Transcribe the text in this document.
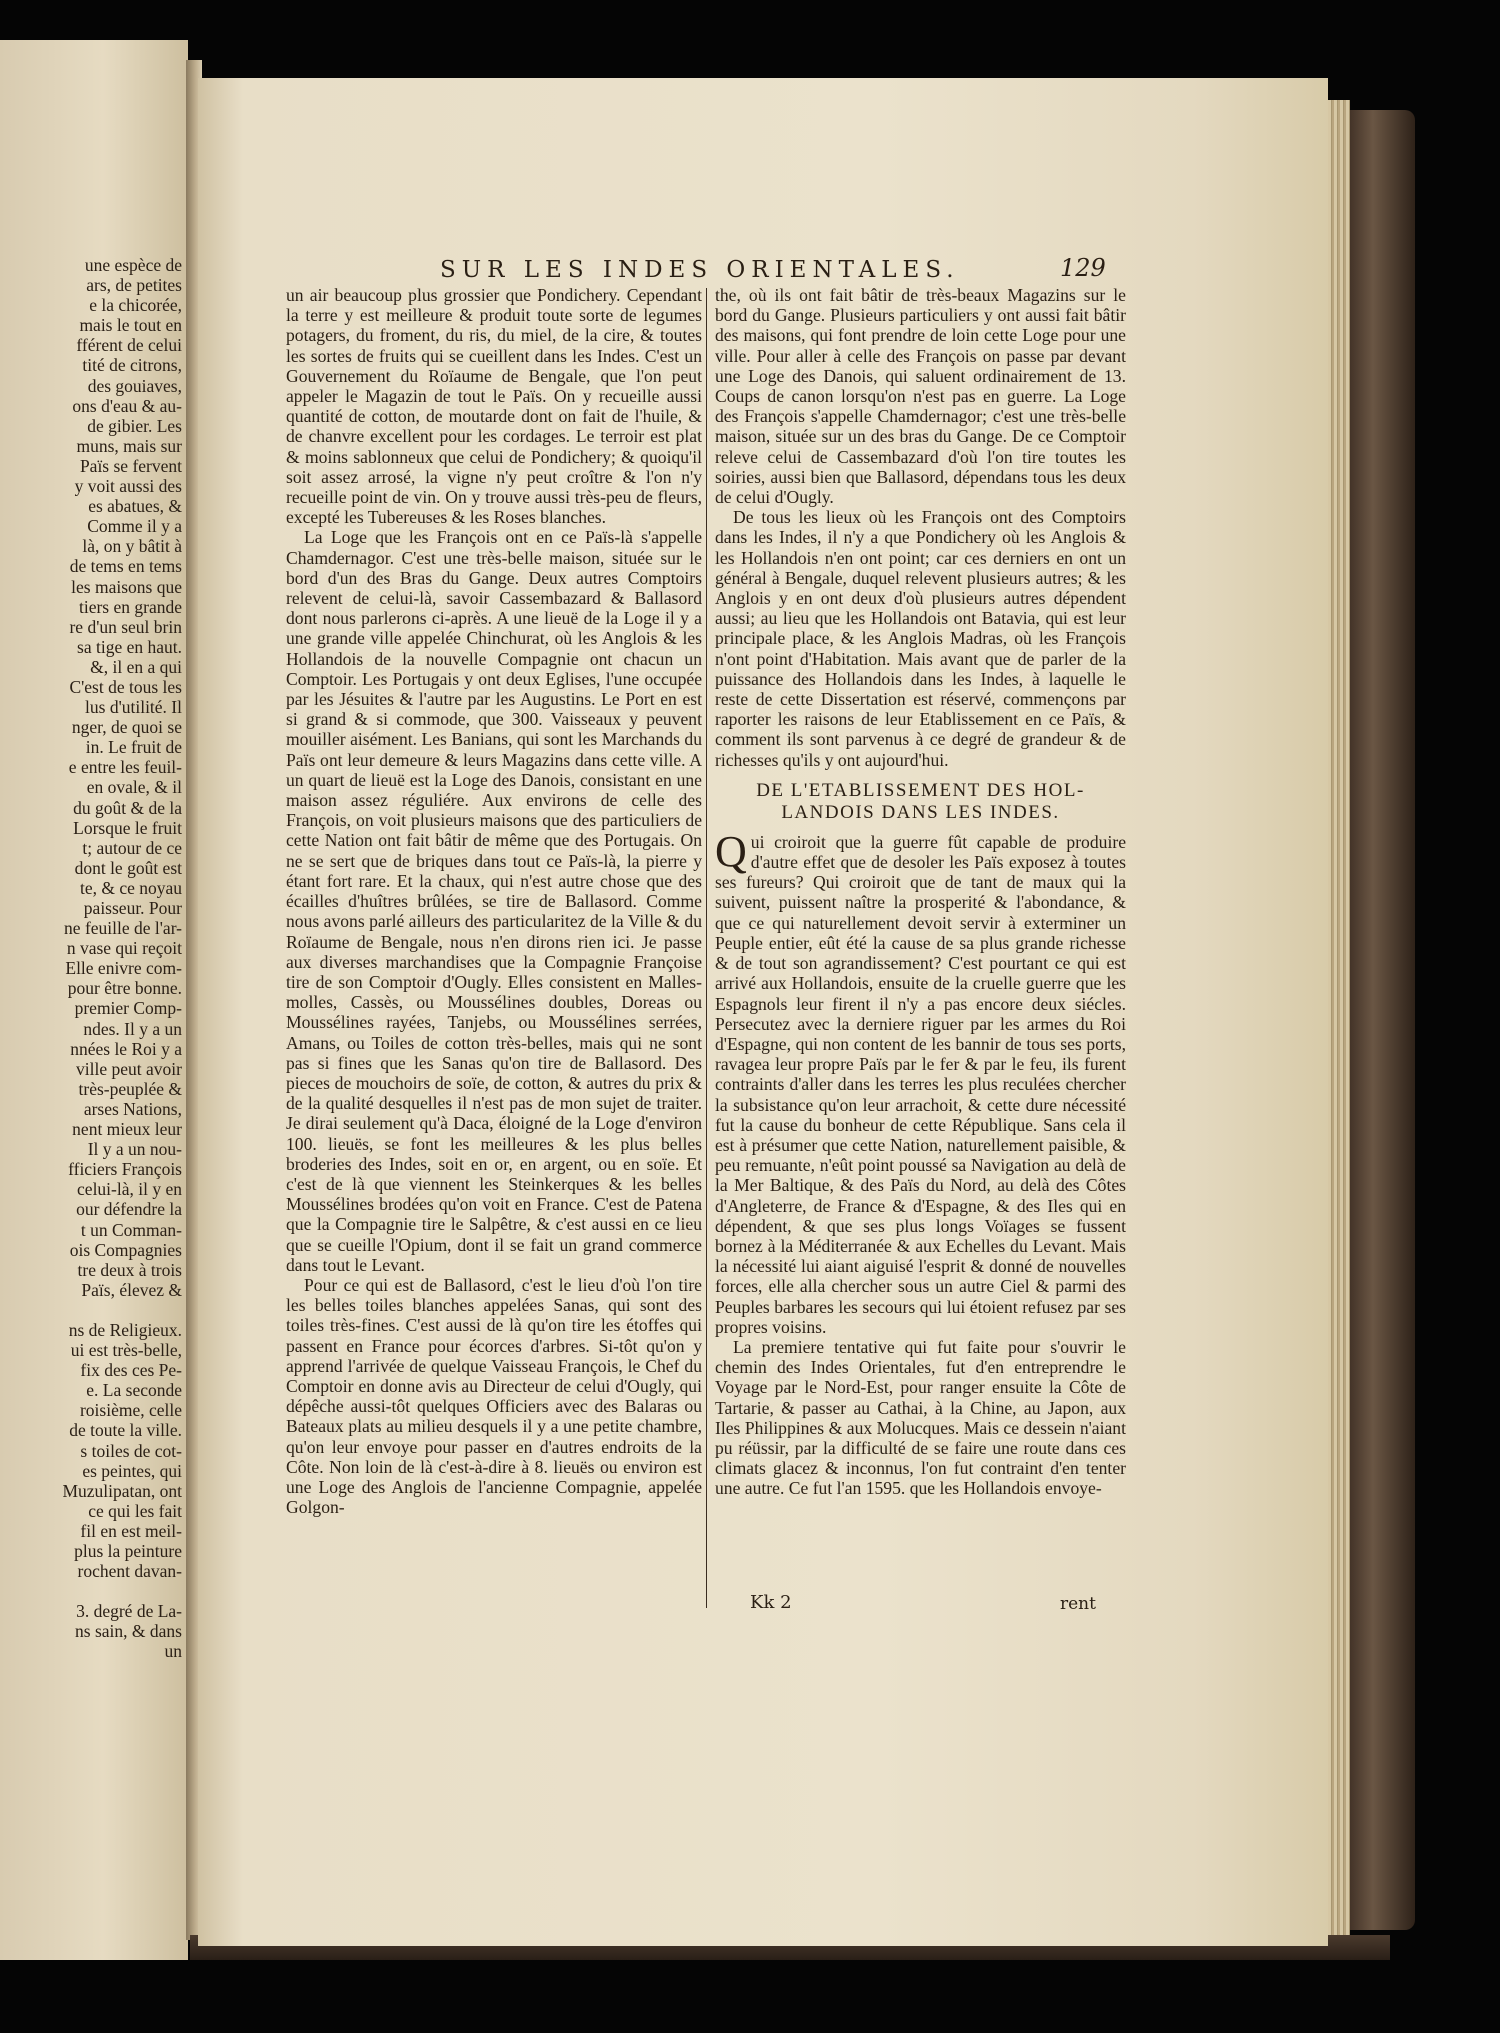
une espèce de
ars, de petites
e la chicorée,
mais le tout en
fférent de celui
tité de citrons,
des gouiaves,
ons d'eau & au-
de gibier. Les
muns, mais sur
Païs se fervent
y voit aussi des
es abatues, &
Comme il y a
là, on y bâtit à
de tems en tems
les maisons que
tiers en grande
re d'un seul brin
sa tige en haut.
&, il en a qui
C'est de tous les
lus d'utilité. Il
nger, de quoi se
in. Le fruit de
e entre les feuil-
en ovale, & il
du goût & de la
Lorsque le fruit
t; autour de ce
dont le goût est
te, & ce noyau
paisseur. Pour
ne feuille de l'ar-
n vase qui reçoit
Elle enivre com-
pour être bonne.
premier Comp-
ndes. Il y a un
nnées le Roi y a
ville peut avoir
très-peuplée &
arses Nations,
nent mieux leur
Il y a un nou-
fficiers François
celui-là, il y en
our défendre la
t un Comman-
ois Compagnies
tre deux à trois
Païs, élevez &

ns de Religieux.
ui est très-belle,
fix des ces Pe-
e. La seconde
roisième, celle
de toute la ville.
s toiles de cot-
es peintes, qui
Muzulipatan, ont
ce qui les fait
fil en est meil-
plus la peinture
rochent davan-

3. degré de La-
ns sain, & dans
un
SUR LES INDES ORIENTALES.	129

un air beaucoup plus grossier que Pondichery. Cependant la terre y est meilleure & produit toute sorte de legumes potagers, du froment, du ris, du miel, de la cire, & toutes les sortes de fruits qui se cueillent dans les Indes. C'est un Gouvernement du Roïaume de Bengale, que l'on peut appeler le Magazin de tout le Païs. On y recueille aussi quantité de cotton, de moutarde dont on fait de l'huile, & de chanvre excellent pour les cordages. Le terroir est plat & moins sablonneux que celui de Pondichery; & quoiqu'il soit assez arrosé, la vigne n'y peut croître & l'on n'y recueille point de vin. On y trouve aussi très-peu de fleurs, excepté les Tubereuses & les Roses blanches.

La Loge que les François ont en ce Païs-là s'appelle Chamdernagor. C'est une très-belle maison, située sur le bord d'un des Bras du Gange. Deux autres Comptoirs relevent de celui-là, savoir Cassembazard & Ballasord dont nous parlerons ci-après. A une lieuë de la Loge il y a une grande ville appelée Chinchurat, où les Anglois & les Hollandois de la nouvelle Compagnie ont chacun un Comptoir. Les Portugais y ont deux Eglises, l'une occupée par les Jésuites & l'autre par les Augustins. Le Port en est si grand & si commode, que 300. Vaisseaux y peuvent mouiller aisément. Les Banians, qui sont les Marchands du Païs ont leur demeure & leurs Magazins dans cette ville. A un quart de lieuë est la Loge des Danois, consistant en une maison assez réguliére. Aux environs de celle des François, on voit plusieurs maisons que des particuliers de cette Nation ont fait bâtir de même que des Portugais. On ne se sert que de briques dans tout ce Païs-là, la pierre y étant fort rare. Et la chaux, qui n'est autre chose que des écailles d'huîtres brûlées, se tire de Ballasord. Comme nous avons parlé ailleurs des particularitez de la Ville & du Roïaume de Bengale, nous n'en dirons rien ici. Je passe aux diverses marchandises que la Compagnie Françoise tire de son Comptoir d'Ougly. Elles consistent en Malles-molles, Cassès, ou Moussélines doubles, Doreas ou Moussélines rayées, Tanjebs, ou Moussélines serrées, Amans, ou Toiles de cotton très-belles, mais qui ne sont pas si fines que les Sanas qu'on tire de Ballasord. Des pieces de mouchoirs de soïe, de cotton, & autres du prix & de la qualité desquelles il n'est pas de mon sujet de traiter. Je dirai seulement qu'à Daca, éloigné de la Loge d'environ 100. lieuës, se font les meilleures & les plus belles broderies des Indes, soit en or, en argent, ou en soïe. Et c'est de là que viennent les Steinkerques & les belles Moussélines brodées qu'on voit en France. C'est de Patena que la Compagnie tire le Salpêtre, & c'est aussi en ce lieu que se cueille l'Opium, dont il se fait un grand commerce dans tout le Levant.

Pour ce qui est de Ballasord, c'est le lieu d'où l'on tire les belles toiles blanches appelées Sanas, qui sont des toiles très-fines. C'est aussi de là qu'on tire les étoffes qui passent en France pour écorces d'arbres. Si-tôt qu'on y apprend l'arrivée de quelque Vaisseau François, le Chef du Comptoir en donne avis au Directeur de celui d'Ougly, qui dépêche aussi-tôt quelques Officiers avec des Balaras ou Bateaux plats au milieu desquels il y a une petite chambre, qu'on leur envoye pour passer en d'autres endroits de la Côte. Non loin de là c'est-à-dire à 8. lieuës ou environ est une Loge des Anglois de l'ancienne Compagnie, appelée Golgon-

the, où ils ont fait bâtir de très-beaux Magazins sur le bord du Gange. Plusieurs particuliers y ont aussi fait bâtir des maisons, qui font prendre de loin cette Loge pour une ville. Pour aller à celle des François on passe par devant une Loge des Danois, qui saluent ordinairement de 13. Coups de canon lorsqu'on n'est pas en guerre. La Loge des François s'appelle Chamdernagor; c'est une très-belle maison, située sur un des bras du Gange. De ce Comptoir releve celui de Cassembazard d'où l'on tire toutes les soiries, aussi bien que Ballasord, dépendans tous les deux de celui d'Ougly.

De tous les lieux où les François ont des Comptoirs dans les Indes, il n'y a que Pondichery où les Anglois & les Hollandois n'en ont point; car ces derniers en ont un général à Bengale, duquel relevent plusieurs autres; & les Anglois y en ont deux d'où plusieurs autres dépendent aussi; au lieu que les Hollandois ont Batavia, qui est leur principale place, & les Anglois Madras, où les François n'ont point d'Habitation. Mais avant que de parler de la puissance des Hollandois dans les Indes, à laquelle le reste de cette Dissertation est réservé, commençons par raporter les raisons de leur Etablissement en ce Païs, & comment ils sont parvenus à ce degré de grandeur & de richesses qu'ils y ont aujourd'hui.

DE L'ETABLISSEMENT DES HOL-LANDOIS DANS LES INDES.

Qui croiroit que la guerre fût capable de produire d'autre effet que de desoler les Païs exposez à toutes ses fureurs? Qui croiroit que de tant de maux qui la suivent, puissent naître la prosperité & l'abondance, & que ce qui naturellement devoit servir à exterminer un Peuple entier, eût été la cause de sa plus grande richesse & de tout son agrandissement? C'est pourtant ce qui est arrivé aux Hollandois, ensuite de la cruelle guerre que les Espagnols leur firent il n'y a pas encore deux siécles. Persecutez avec la derniere riguer par les armes du Roi d'Espagne, qui non content de les bannir de tous ses ports, ravagea leur propre Païs par le fer & par le feu, ils furent contraints d'aller dans les terres les plus reculées chercher la subsistance qu'on leur arrachoit, & cette dure nécessité fut la cause du bonheur de cette République. Sans cela il est à présumer que cette Nation, naturellement paisible, & peu remuante, n'eût point poussé sa Navigation au delà de la Mer Baltique, & des Païs du Nord, au delà des Côtes d'Angleterre, de France & d'Espagne, & des Iles qui en dépendent, & que ses plus longs Voïages se fussent bornez à la Méditerranée & aux Echelles du Levant. Mais la nécessité lui aiant aiguisé l'esprit & donné de nouvelles forces, elle alla chercher sous un autre Ciel & parmi des Peuples barbares les secours qui lui étoient refusez par ses propres voisins.

La premiere tentative qui fut faite pour s'ouvrir le chemin des Indes Orientales, fut d'en entreprendre le Voyage par le Nord-Est, pour ranger ensuite la Côte de Tartarie, & passer au Cathai, à la Chine, au Japon, aux Iles Philippines & aux Molucques. Mais ce dessein n'aiant pu réüssir, par la difficulté de se faire une route dans ces climats glacez & inconnus, l'on fut contraint d'en tenter une autre. Ce fut l'an 1595. que les Hollandois envoye-

Kk 2	rent
